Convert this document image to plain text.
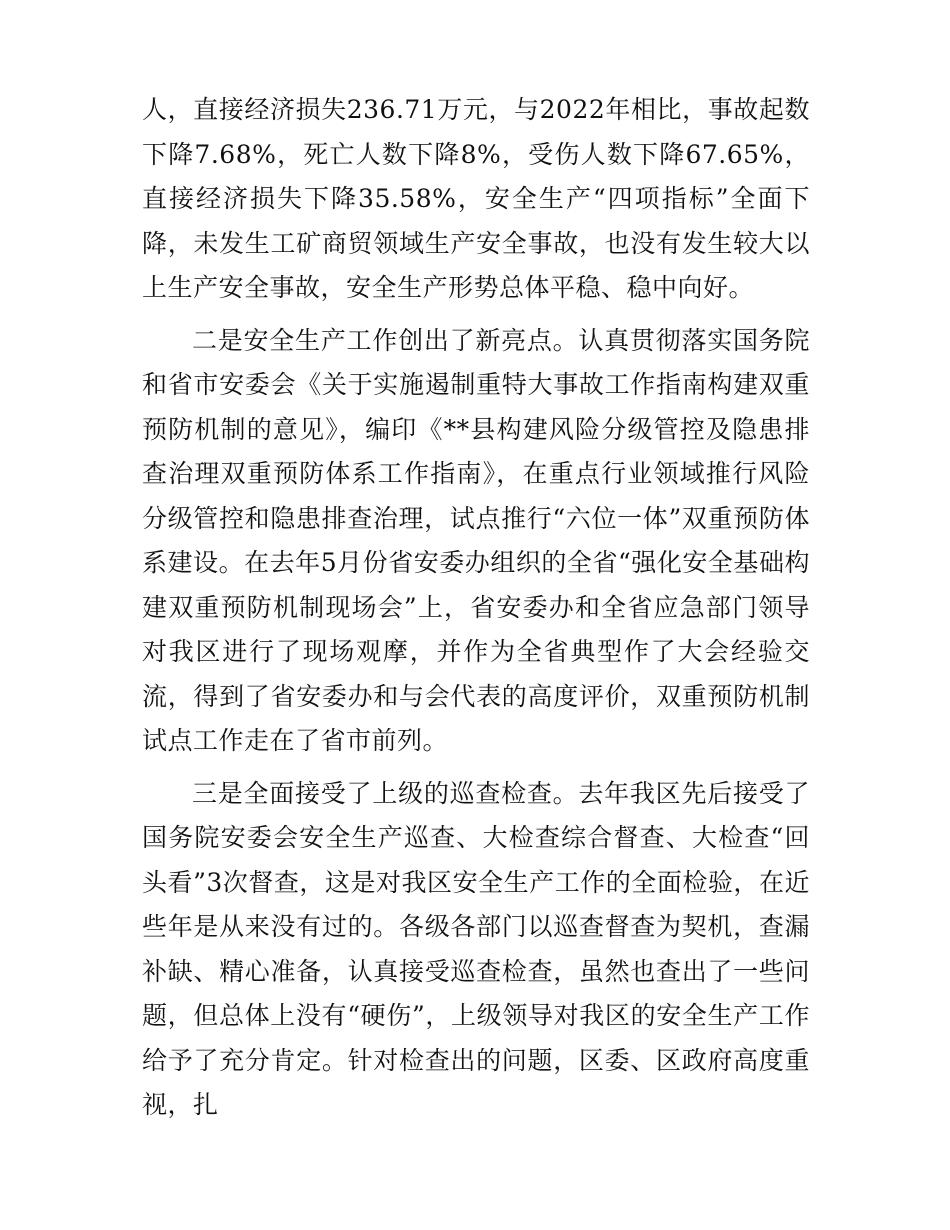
人，直接经济损失236.71万元，与2022年相比，事故起数下降7.68%，死亡人数下降8%，受伤人数下降67.65%，直接经济损失下降35.58%，安全生产“四项指标”全面下降，未发生工矿商贸领域生产安全事故，也没有发生较大以上生产安全事故，安全生产形势总体平稳、稳中向好。

二是安全生产工作创出了新亮点。认真贯彻落实国务院和省市安委会《关于实施遏制重特大事故工作指南构建双重预防机制的意见》，编印《**县构建风险分级管控及隐患排查治理双重预防体系工作指南》，在重点行业领域推行风险分级管控和隐患排查治理，试点推行“六位一体”双重预防体系建设。在去年5月份省安委办组织的全省“强化安全基础构建双重预防机制现场会”上，省安委办和全省应急部门领导对我区进行了现场观摩，并作为全省典型作了大会经验交流，得到了省安委办和与会代表的高度评价，双重预防机制试点工作走在了省市前列。

三是全面接受了上级的巡查检查。去年我区先后接受了国务院安委会安全生产巡查、大检查综合督查、大检查“回头看”3次督查，这是对我区安全生产工作的全面检验，在近些年是从来没有过的。各级各部门以巡查督查为契机，查漏补缺、精心准备，认真接受巡查检查，虽然也查出了一些问题，但总体上没有“硬伤”，上级领导对我区的安全生产工作给予了充分肯定。针对检查出的问题，区委、区政府高度重视，扎
